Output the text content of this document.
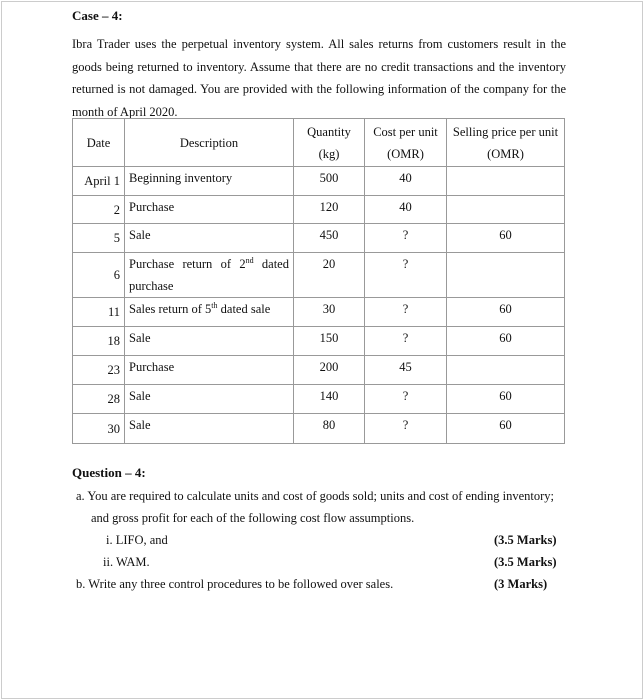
Case – 4:
Ibra Trader uses the perpetual inventory system. All sales returns from customers result in the goods being returned to inventory. Assume that there are no credit transactions and the inventory returned is not damaged. You are provided with the following information of the company for the month of April 2020.
Date	Description	Quantity (kg)	Cost per unit (OMR)	Selling price per unit (OMR)
April 1	Beginning inventory	500	40	
2	Purchase	120	40	
5	Sale	450	?	60
6	Purchase return of 2nd dated purchase	20	?	
11	Sales return of 5th dated sale	30	?	60
18	Sale	150	?	60
23	Purchase	200	45	
28	Sale	140	?	60
30	Sale	80	?	60
Question – 4:
a. You are required to calculate units and cost of goods sold; units and cost of ending inventory;
and gross profit for each of the following cost flow assumptions.
i. LIFO, and	(3.5 Marks)
ii. WAM.	(3.5 Marks)
b. Write any three control procedures to be followed over sales.	(3 Marks)
